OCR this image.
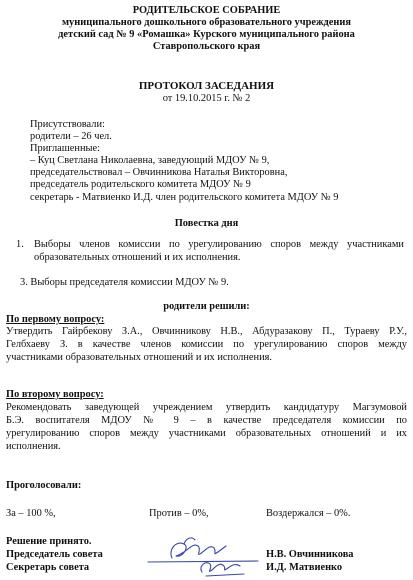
РОДИТЕЛЬСКОЕ СОБРАНИЕ
муниципального дошкольного образовательного учреждения
детский сад № 9 «Ромашка» Курского муниципального района
Ставропольского края
ПРОТОКОЛ ЗАСЕДАНИЯ
от 19.10.2015 г. № 2
Присутствовали:
родители – 26 чел.
Приглашенные:
– Куц Светлана Николаевна, заведующий МДОУ № 9,
председательствовал – Овчинникова Наталья Викторовна,
председатель родительского комитета МДОУ № 9
секретарь - Матвиенко И.Д. член родительского комитета МДОУ № 9
Повестка дня
1. Выборы членов комиссии по урегулированию споров между участниками
образовательных отношений и их исполнения.
3. Выборы председателя комиссии МДОУ № 9.
родители решили:
По первому вопросу:
Утвердить Гайрбекову З.А., Овчинникову Н.В., Абдуразакову П., Тураеву Р.У.,
Гелбхаеву З. в качестве членов комиссии по урегулированию споров между
участниками образовательных отношений и их исполнения.
По второму вопросу:
Рекомендовать заведующей учреждением утвердить кандидатуру Магзумовой
Б.Э. воспитателя МДОУ № 9 – в качестве председателя комиссии по
урегулированию споров между участниками образовательных отношений и их
исполнения.
Проголосовали:
За – 100 %,	Против – 0%,	Воздержался – 0%.
Решение принято.
Председатель совета
Секретарь совета
Н.В. Овчинникова
И.Д. Матвиенко
